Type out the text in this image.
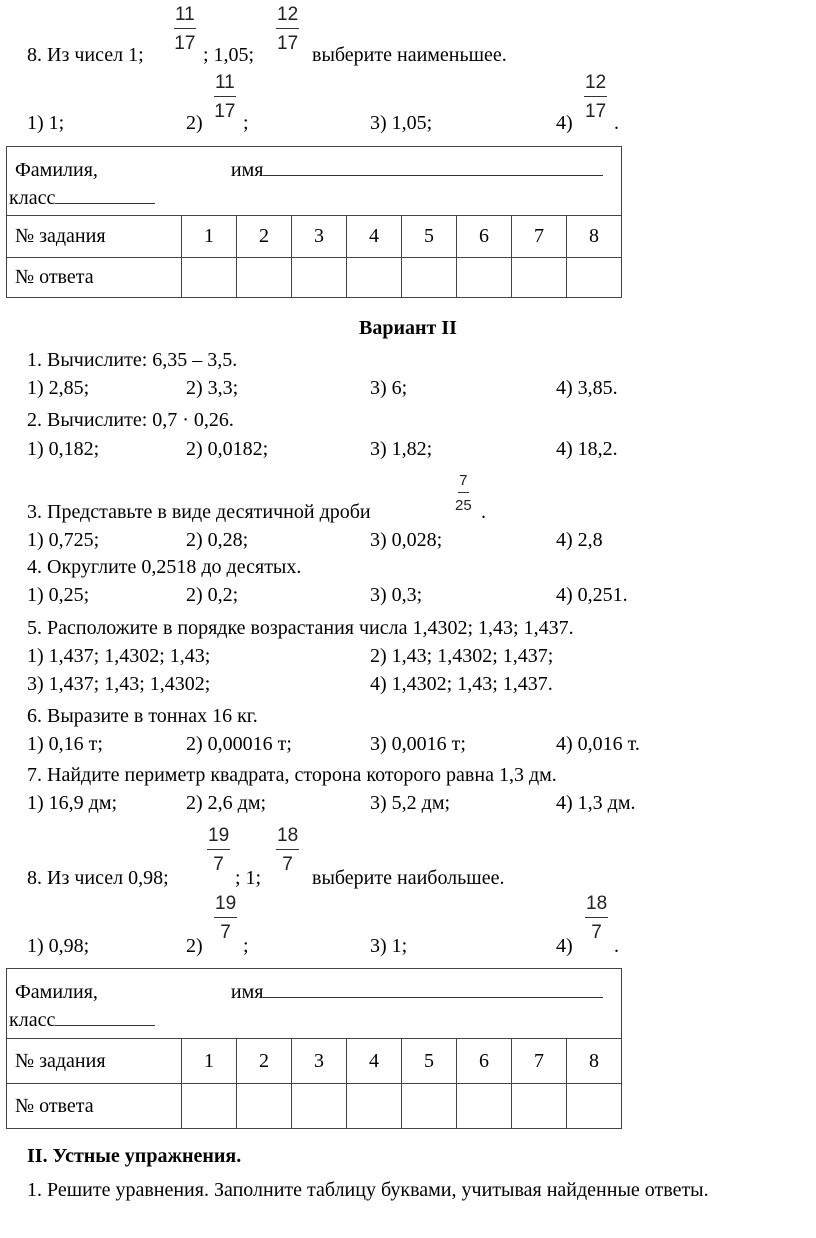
8. Из чисел 1; $\frac{11}{17}$ ; 1,05; $\frac{12}{17}$ выберите наименьшее.
1) 1;	$2) \frac{11}{17}$ ;	3) 1,05;	$4) \frac{12}{17}$ .
Фамилия, имя
класс								

№ задания	1	2	3	4	5	6	7	8
№ ответа								
Вариант II
1. Вычислите: 6,35 – 3,5.
1) 2,85;	2) 3,3;	3) 6;	4) 3,85.
2. Вычислите: 0,7 · 0,26.
1) 0,182;	2) 0,0182;	3) 1,82;	4) 18,2.
3. Представьте в виде десятичной дроби	$\frac{7}{25}$ .
1) 0,725;	2) 0,28;	3) 0,028;	4) 2,8
4. Округлите 0,2518 до десятых.
1) 0,25;	2) 0,2;	3) 0,3;	4) 0,251.
5. Расположите в порядке возрастания числа 1,4302; 1,43; 1,437.
1) 1,437; 1,4302; 1,43;	2) 1,43; 1,4302; 1,437;
3) 1,437; 1,43; 1,4302;	4) 1,4302; 1,43; 1,437.
6. Выразите в тоннах 16 кг.
1) 0,16 т;	2) 0,00016 т;	3) 0,0016 т;	4) 0,016 т.
7. Найдите периметр квадрата, сторона которого равна 1,3 дм.
1) 16,9 дм;	2) 2,6 дм;	3) 5,2 дм;	4) 1,3 дм.
8. Из чисел 0,98;
$\frac{19}{7}$
; 1;
$\frac{18}{7}$
выберите наибольшее.
1) 0,98;	2)
$\frac{19}{7}$
;	3) 1;	4)
$\frac{18}{7}$
.
Фамилия, имя
класс								

№ задания	1	2	3	4	5	6	7	8
№ ответа								
II. Устные упражнения.
1. Решите уравнения. Заполните таблицу буквами, учитывая найденные ответы.
